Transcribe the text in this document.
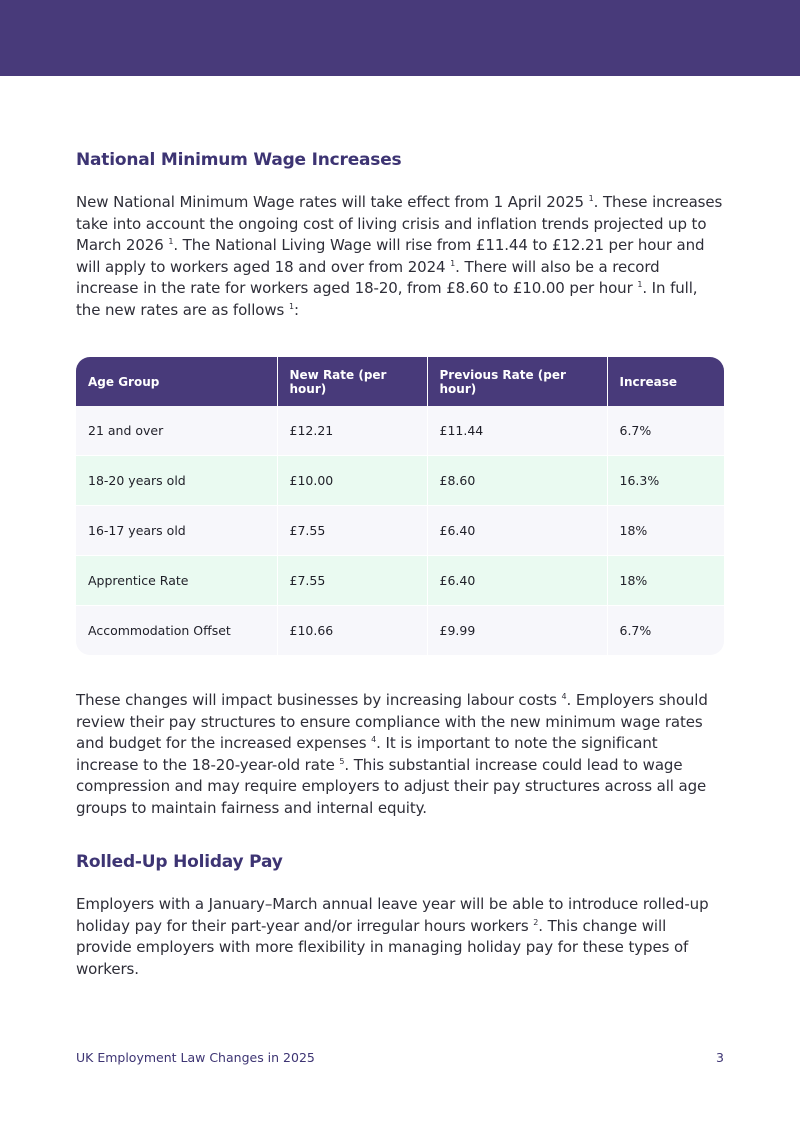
National Minimum Wage Increases

New National Minimum Wage rates will take effect from 1 April 2025 $^1$. These increases take into account the ongoing cost of living crisis and inflation trends projected up to March 2026 $^1$. The National Living Wage will rise from £11.44 to £12.21 per hour and will apply to workers aged 18 and over from 2024 $^1$. There will also be a record increase in the rate for workers aged 18-20, from £8.60 to £10.00 per hour $^1$. In full, the new rates are as follows $^1$:

Age Group	New Rate (per hour)	Previous Rate (per hour)	Increase
21 and over	£12.21	£11.44	6.7%
18-20 years old	£10.00	£8.60	16.3%
16-17 years old	£7.55	£6.40	18%
Apprentice Rate	£7.55	£6.40	18%
Accommodation Offset	£10.66	£9.99	6.7%

These changes will impact businesses by increasing labour costs $^4$. Employers should review their pay structures to ensure compliance with the new minimum wage rates and budget for the increased expenses $^4$. It is important to note the significant increase to the 18-20-year-old rate $^5$. This substantial increase could lead to wage compression and may require employers to adjust their pay structures across all age groups to maintain fairness and internal equity.

Rolled-Up Holiday Pay

Employers with a January–March annual leave year will be able to introduce rolled-up holiday pay for their part-year and/or irregular hours workers $^2$. This change will provide employers with more flexibility in managing holiday pay for these types of workers.

UK Employment Law Changes in 2025	3
